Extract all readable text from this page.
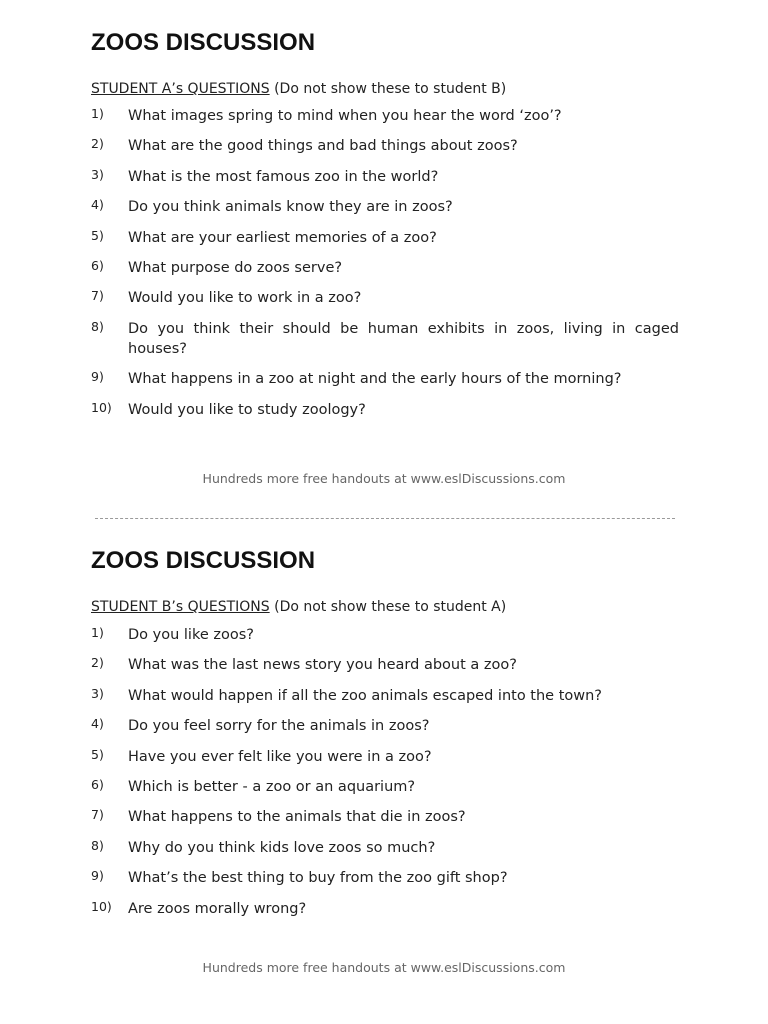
ZOOS DISCUSSION
STUDENT A’s QUESTIONS (Do not show these to student B)
1)	What images spring to mind when you hear the word ‘zoo’?
2)	What are the good things and bad things about zoos?
3)	What is the most famous zoo in the world?
4)	Do you think animals know they are in zoos?
5)	What are your earliest memories of a zoo?
6)	What purpose do zoos serve?
7)	Would you like to work in a zoo?
8)	Do you think their should be human exhibits in zoos, living in caged houses?
9)	What happens in a zoo at night and the early hours of the morning?
10)	Would you like to study zoology?
Hundreds more free handouts at www.eslDiscussions.com
ZOOS DISCUSSION
STUDENT B’s QUESTIONS (Do not show these to student A)
1)	Do you like zoos?
2)	What was the last news story you heard about a zoo?
3)	What would happen if all the zoo animals escaped into the town?
4)	Do you feel sorry for the animals in zoos?
5)	Have you ever felt like you were in a zoo?
6)	Which is better - a zoo or an aquarium?
7)	What happens to the animals that die in zoos?
8)	Why do you think kids love zoos so much?
9)	What’s the best thing to buy from the zoo gift shop?
10)	Are zoos morally wrong?
Hundreds more free handouts at www.eslDiscussions.com
